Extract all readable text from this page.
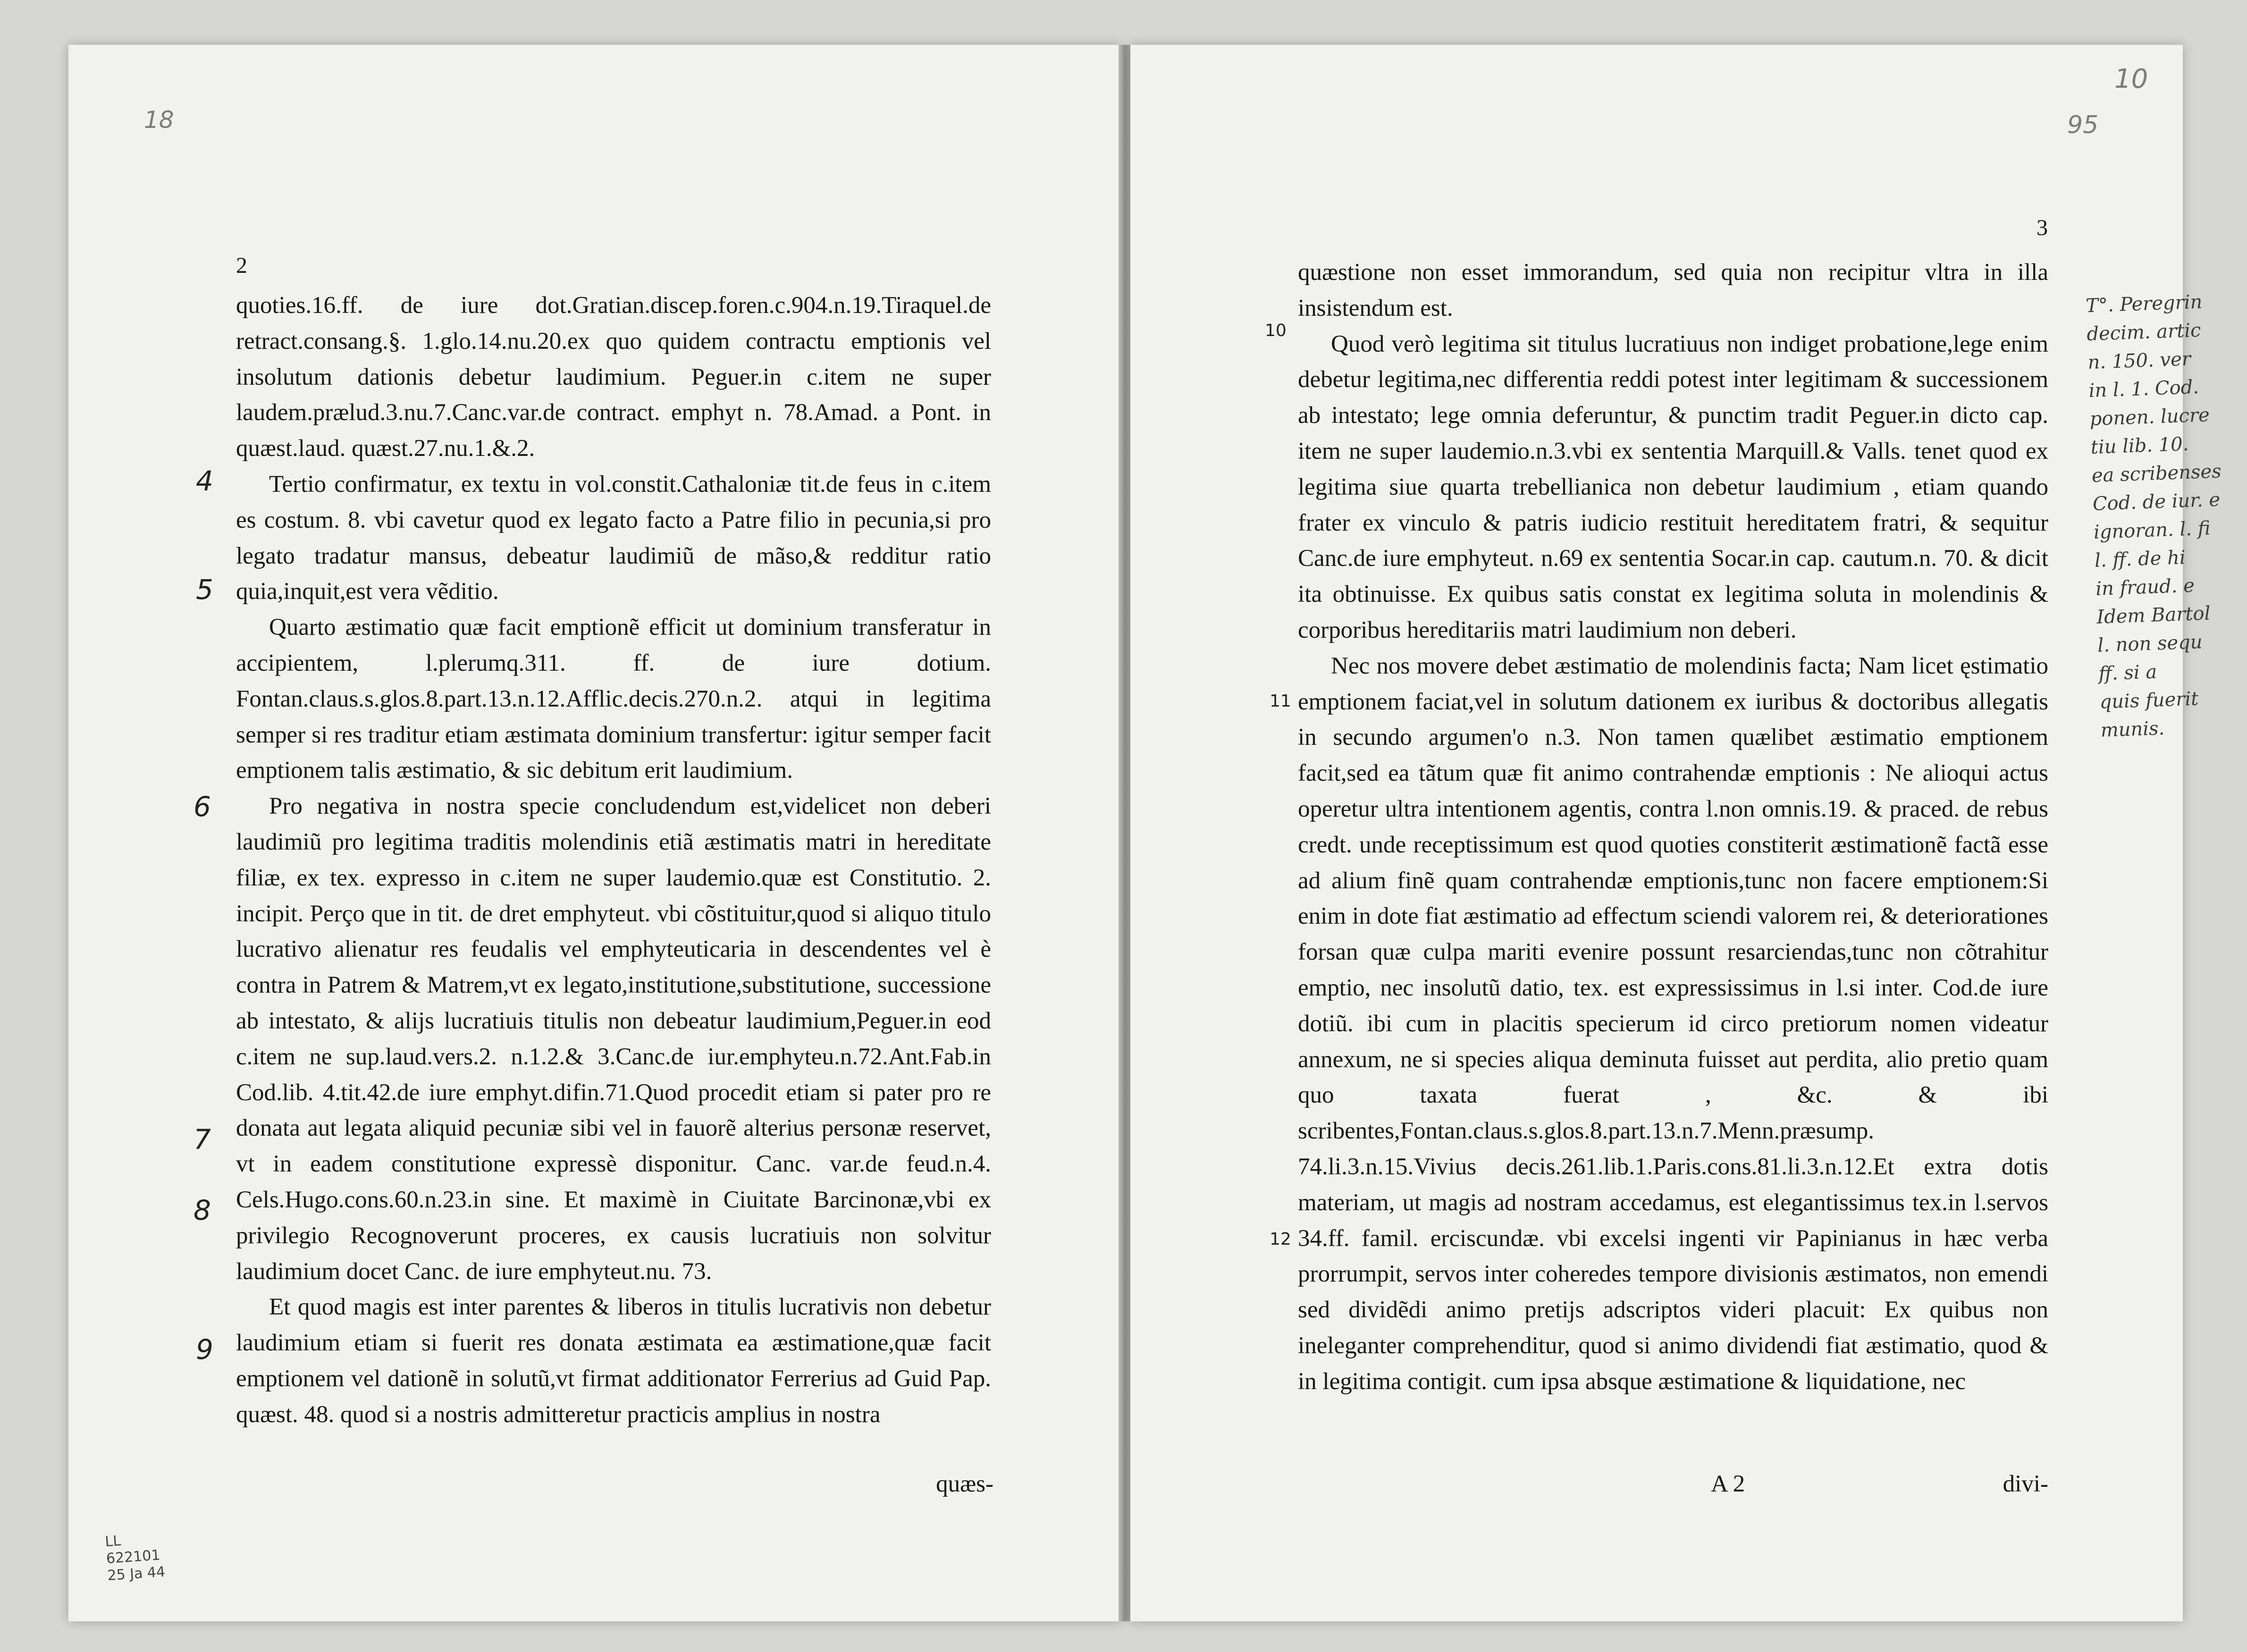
18
2
4
5
6
7
8
9

quoties.16.ff. de iure dot.Gratian.discep.foren.c.904.n.19.Tiraquel.de retract.consang.§. 1.glo.14.nu.20.ex quo quidem contractu emptionis vel insolutum dationis debetur laudimium. Peguer.in c.item ne super laudem.prælud.3.nu.7.Canc.var.de contract. emphyt n. 78.Amad. a Pont. in quæst.laud. quæst.27.nu.1.&.2.

Tertio confirmatur, ex textu in vol.constit.Cathaloniæ tit.de feus in c.item es costum. 8. vbi cavetur quod ex legato facto a Patre filio in pecunia,si pro legato tradatur mansus, debeatur laudimiũ de mãso,& redditur ratio quia,inquit,est vera vẽditio.

Quarto æstimatio quæ facit emptionẽ efficit ut dominium transferatur in accipientem, l.plerumq.311. ff. de iure dotium. Fontan.claus.s.glos.8.part.13.n.12.Afflic.decis.270.n.2. atqui in legitima semper si res traditur etiam æstimata dominium transfertur: igitur semper facit emptionem talis æstimatio, & sic debitum erit laudimium.

Pro negativa in nostra specie concludendum est,videlicet non deberi laudimiũ pro legitima traditis molendinis etiã æstimatis matri in hereditate filiæ, ex tex. expresso in c.item ne super laudemio.quæ est Constitutio. 2. incipit. Perço que in tit. de dret emphyteut. vbi cõstituitur,quod si aliquo titulo lucrativo alienatur res feudalis vel emphyteuticaria in descendentes vel è contra in Patrem & Matrem,vt ex legato,institutione,substitutione, successione ab intestato, & alijs lucratiuis titulis non debeatur laudimium,Peguer.in eod c.item ne sup.laud.vers.2. n.1.2.& 3.Canc.de iur.emphyteu.n.72.Ant.Fab.in Cod.lib. 4.tit.42.de iure emphyt.difin.71.Quod procedit etiam si pater pro re donata aut legata aliquid pecuniæ sibi vel in fauorẽ alterius personæ reservet, vt in eadem constitutione expressè disponitur. Canc. var.de feud.n.4. Cels.Hugo.cons.60.n.23.in sine. Et maximè in Ciuitate Barcinonæ,vbi ex privilegio Recognoverunt proceres, ex causis lucratiuis non solvitur laudimium docet Canc. de iure emphyteut.nu. 73.

Et quod magis est inter parentes & liberos in titulis lucrativis non debetur laudimium etiam si fuerit res donata æstimata ea æstimatione,quæ facit emptionem vel dationẽ in solutũ,vt firmat additionator Ferrerius ad Guid Pap. quæst. 48. quod si a nostris admitteretur practicis amplius in nostra

quæs-
LL
622101
25 Ja 44
10
95
3
10
11
12

quæstione non esset immorandum, sed quia non recipitur vltra in illa insistendum est.

Quod verò legitima sit titulus lucratiuus non indiget probatione,lege enim debetur legitima,nec differentia reddi potest inter legitimam & successionem ab intestato; lege omnia deferuntur, & punctim tradit Peguer.in dicto cap. item ne super laudemio.n.3.vbi ex sententia Marquill.& Valls. tenet quod ex legitima siue quarta trebellianica non debetur laudimium , etiam quando frater ex vinculo & patris iudicio restituit hereditatem fratri, & sequitur Canc.de iure emphyteut. n.69 ex sententia Socar.in cap. cautum.n. 70. & dicit ita obtinuisse. Ex quibus satis constat ex legitima soluta in molendinis & corporibus hereditariis matri laudimium non deberi.

Nec nos movere debet æstimatio de molendinis facta; Nam licet ęstimatio emptionem faciat,vel in solutum dationem ex iuribus & doctoribus allegatis in secundo argumen'o n.3. Non tamen quælibet æstimatio emptionem facit,sed ea tãtum quæ fit animo contrahendæ emptionis : Ne alioqui actus operetur ultra intentionem agentis, contra l.non omnis.19. & praced. de rebus credt. unde receptissimum est quod quoties constiterit æstimationẽ factã esse ad alium finẽ quam contrahendæ emptionis,tunc non facere emptionem:Si enim in dote fiat æstimatio ad effectum sciendi valorem rei, & deteriorationes forsan quæ culpa mariti evenire possunt resarciendas,tunc non cõtrahitur emptio, nec insolutũ datio, tex. est expressissimus in l.si inter. Cod.de iure dotiũ. ibi cum in placitis specierum id circo pretiorum nomen videatur annexum, ne si species aliqua deminuta fuisset aut perdita, alio pretio quam quo taxata fuerat , &c. & ibi scribentes,Fontan.claus.s.glos.8.part.13.n.7.Menn.præsump. 74.li.3.n.15.Vivius decis.261.lib.1.Paris.cons.81.li.3.n.12.Et extra dotis materiam, ut magis ad nostram accedamus, est elegantissimus tex.in l.servos 34.ff. famil. erciscundæ. vbi excelsi ingenti vir Papinianus in hæc verba prorrumpit, servos inter coheredes tempore divisionis æstimatos, non emendi sed dividẽdi animo pretijs adscriptos videri placuit: Ex quibus non ineleganter comprehenditur, quod si animo dividendi fiat æstimatio, quod & in legitima contigit. cum ipsa absque æstimatione & liquidatione, nec

A 2	divi-
T°. Peregrin
decim. artic
n. 150. ver
in l. 1. Cod.
ponen. lucre
tiu lib. 10.
ea scribenses
Cod. de iur. e
ignoran. l. fi
l. ff. de hi
in fraud. e
Idem Bartol
l. non sequ
ff. si a
quis fuerit
munis.
